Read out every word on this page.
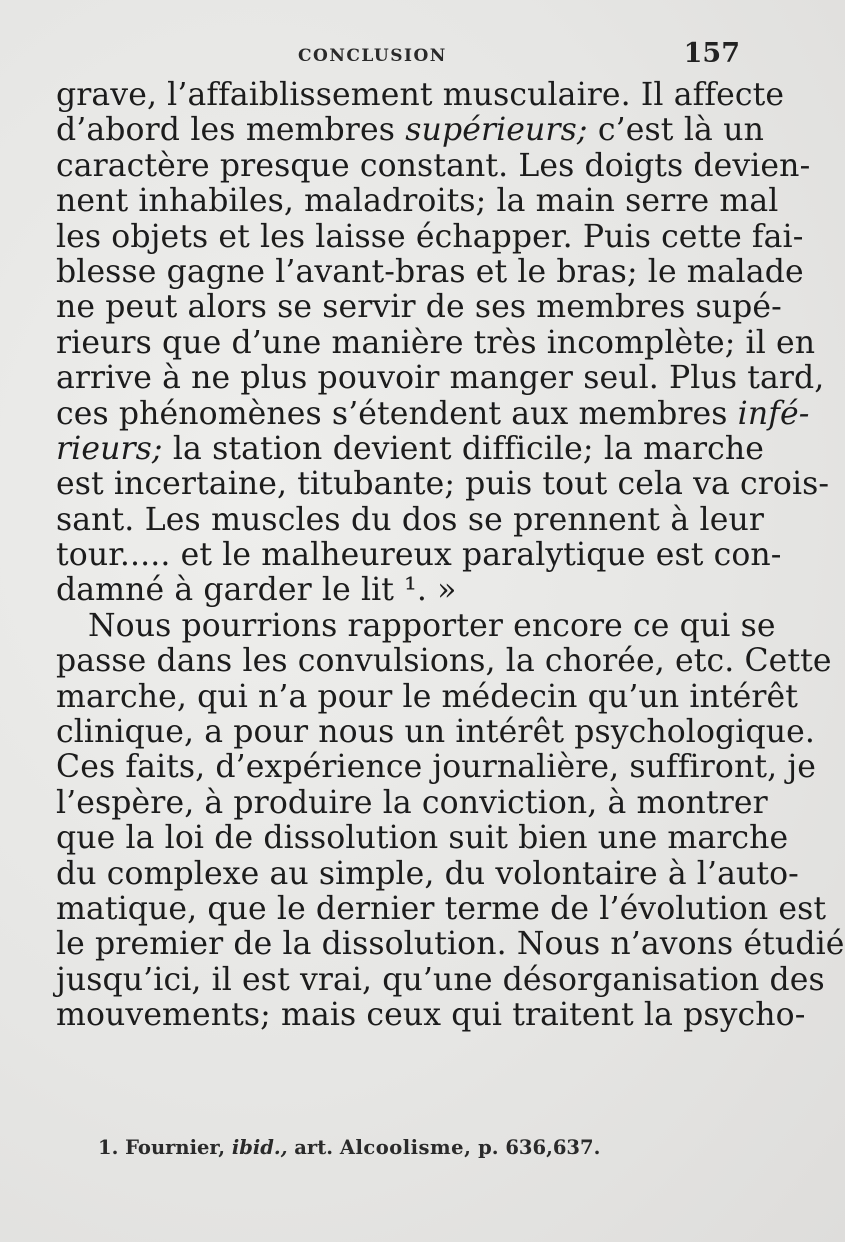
CONCLUSION	157
grave, l’affaiblissement musculaire. Il affecte
d’abord les membres supérieurs; c’est là un
caractère presque constant. Les doigts devien-
nent inhabiles, maladroits; la main serre mal
les objets et les laisse échapper. Puis cette fai-
blesse gagne l’avant-bras et le bras; le malade
ne peut alors se servir de ses membres supé-
rieurs que d’une manière très incomplète; il en
arrive à ne plus pouvoir manger seul. Plus tard,
ces phénomènes s’étendent aux membres infé-
rieurs; la station devient difficile; la marche
est incertaine, titubante; puis tout cela va crois-
sant. Les muscles du dos se prennent à leur
tour..... et le malheureux paralytique est con-
damné à garder le lit ¹. »
Nous pourrions rapporter encore ce qui se
passe dans les convulsions, la chorée, etc. Cette
marche, qui n’a pour le médecin qu’un intérêt
clinique, a pour nous un intérêt psychologique.
Ces faits, d’expérience journalière, suffiront, je
l’espère, à produire la conviction, à montrer
que la loi de dissolution suit bien une marche
du complexe au simple, du volontaire à l’auto-
matique, que le dernier terme de l’évolution est
le premier de la dissolution. Nous n’avons étudié
jusqu’ici, il est vrai, qu’une désorganisation des
mouvements; mais ceux qui traitent la psycho-
1. Fournier, ibid., art. Alcoolisme, p. 636,637.
